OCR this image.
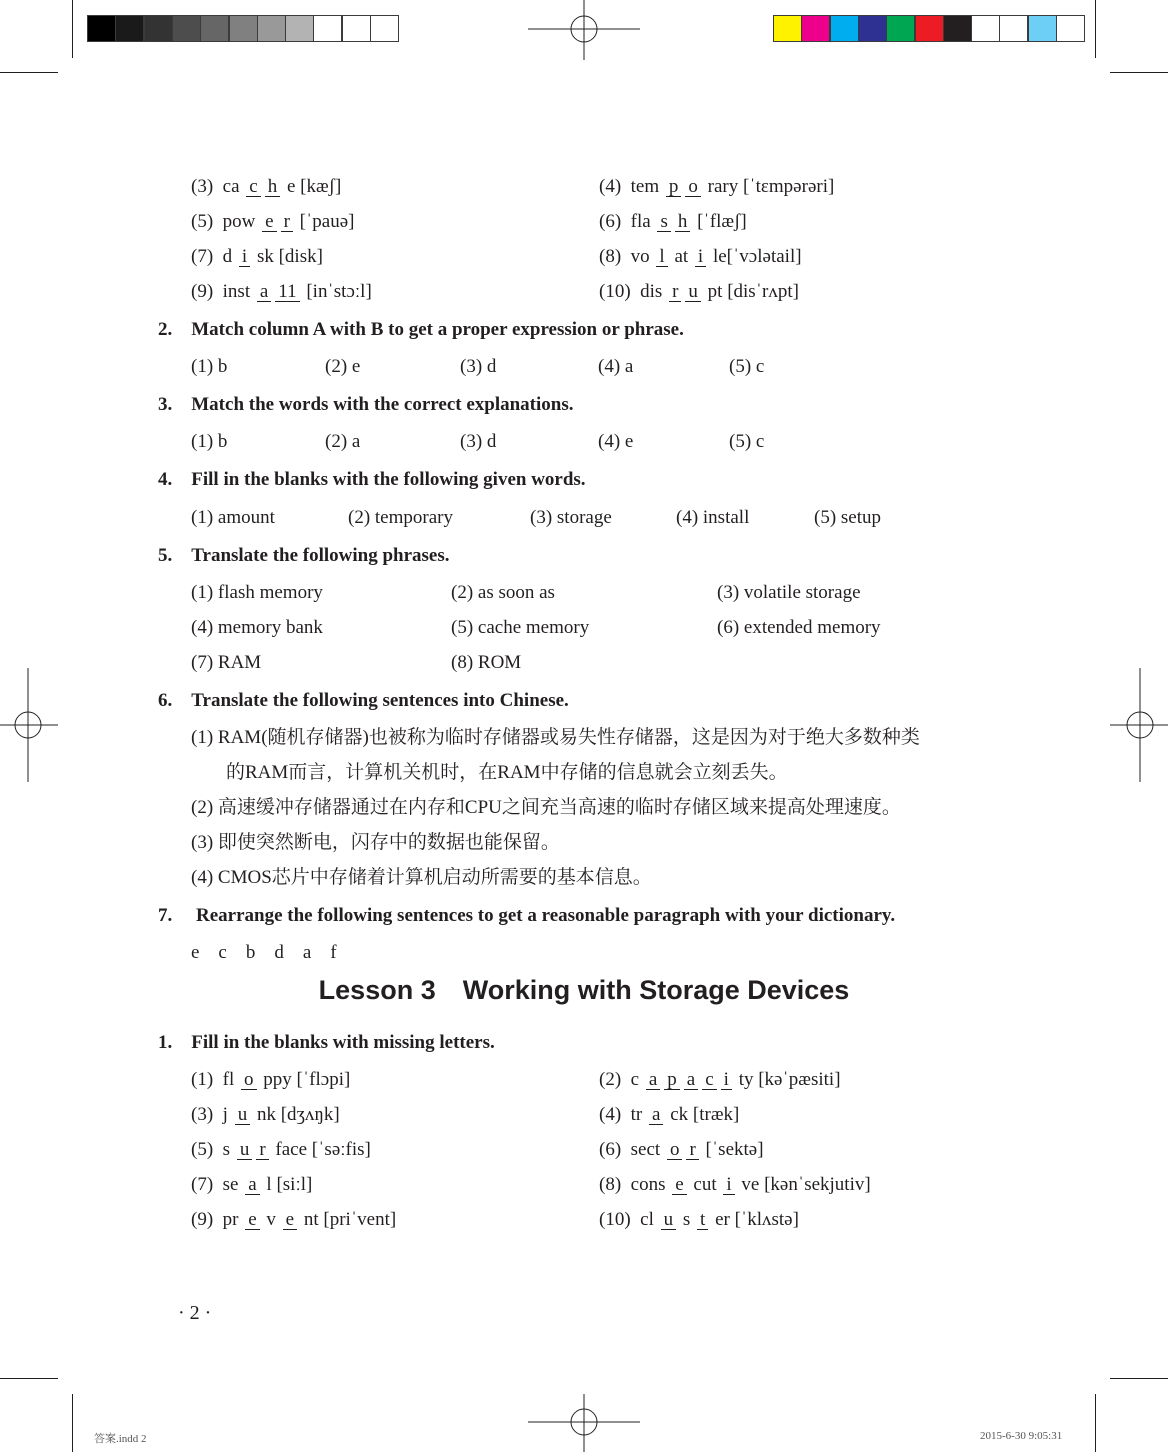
(3) ca c h e [kæʃ]	(4) tem p o rary [ˈtɛmpərəri]
(5) pow e r [ˈpauə]	(6) fla s h [ˈflæʃ]
(7) d i sk [disk]	(8) vo l at i le[ˈvɔlətail]
(9) inst a 11 [inˈstɔːl]	(10) dis r u pt [disˈrʌpt]
2. Match column A with B to get a proper expression or phrase.
(1) b	(2) e	(3) d	(4) a	(5) c
3. Match the words with the correct explanations.
(1) b	(2) a	(3) d	(4) e	(5) c
4. Fill in the blanks with the following given words.
(1) amount	(2) temporary	(3) storage	(4) install	(5) setup
5. Translate the following phrases.
(1) flash memory	(2) as soon as	(3) volatile storage
(4) memory bank	(5) cache memory	(6) extended memory
(7) RAM	(8) ROM
6. Translate the following sentences into Chinese.
(1) RAM(随机存储器)也被称为临时存储器或易失性存储器，这是因为对于绝大多数种类
的RAM而言，计算机关机时，在RAM中存储的信息就会立刻丢失。
(2) 高速缓冲存储器通过在内存和CPU之间充当高速的临时存储区域来提高处理速度。
(3) 即使突然断电，闪存中的数据也能保留。
(4) CMOS芯片中存储着计算机启动所需要的基本信息。
7.  Rearrange the following sentences to get a reasonable paragraph with your dictionary.
e c b d a f
Lesson 3 Working with Storage Devices
1. Fill in the blanks with missing letters.
(1) fl o ppy [ˈflɔpi]	(2) c a p a c i ty [kəˈpæsiti]
(3) j u nk [dʒʌŋk]	(4) tr a ck [træk]
(5) s u r face [ˈsəːfis]	(6) sect o r [ˈsektə]
(7) se a l [siːl]	(8) cons e cut i ve [kənˈsekjutiv]
(9) pr e v e nt [priˈvent]	(10) cl u s t er [ˈklʌstə]
· 2 ·
答案.indd 2	2015-6-30 9:05:31
